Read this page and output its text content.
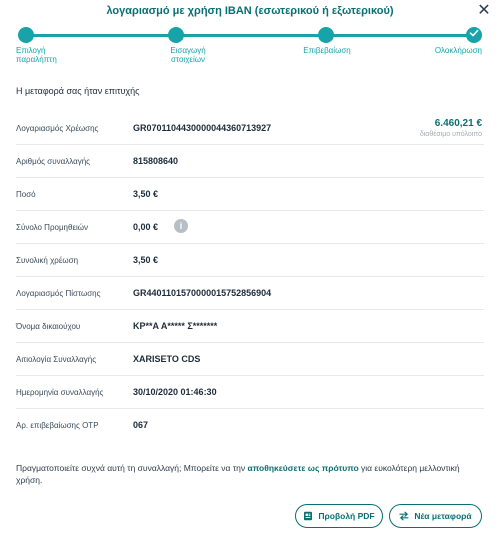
λογαριασμό με χρήση IBAN (εσωτερικού ή εξωτερικού)	✕
Επιλογή παραλήπτη
Εισαγωγή στοιχείων
Επιβεβαίωση	Ολοκλήρωση
Η μεταφορά σας ήταν επιτυχής
Λογαριασμός Χρέωσης	GR0701104430000044360713927	6.460,21 €
διαθέσιμο υπόλοιπο
Αριθμός συναλλαγής	815808640
Ποσό	3,50 €
Σύνολο Προμηθειών	0,00 €	i
Συνολική χρέωση	3,50 €
Λογαριασμός Πίστωσης	GR4401101570000015752856904
Όνομα δικαιούχου	KP**A A***** Σ*******
Αιτιολογία Συναλλαγής	XARISETO CDS
Ημερομηνία συναλλαγής	30/10/2020 01:46:30
Αρ. επιβεβαίωσης OTP	067
Πραγματοποιείτε συχνά αυτή τη συναλλαγή; Μπορείτε να την αποθηκεύσετε ως πρότυπο για ευκολότερη μελλοντική χρήση.
Προβολή PDF	Νέα μεταφορά
